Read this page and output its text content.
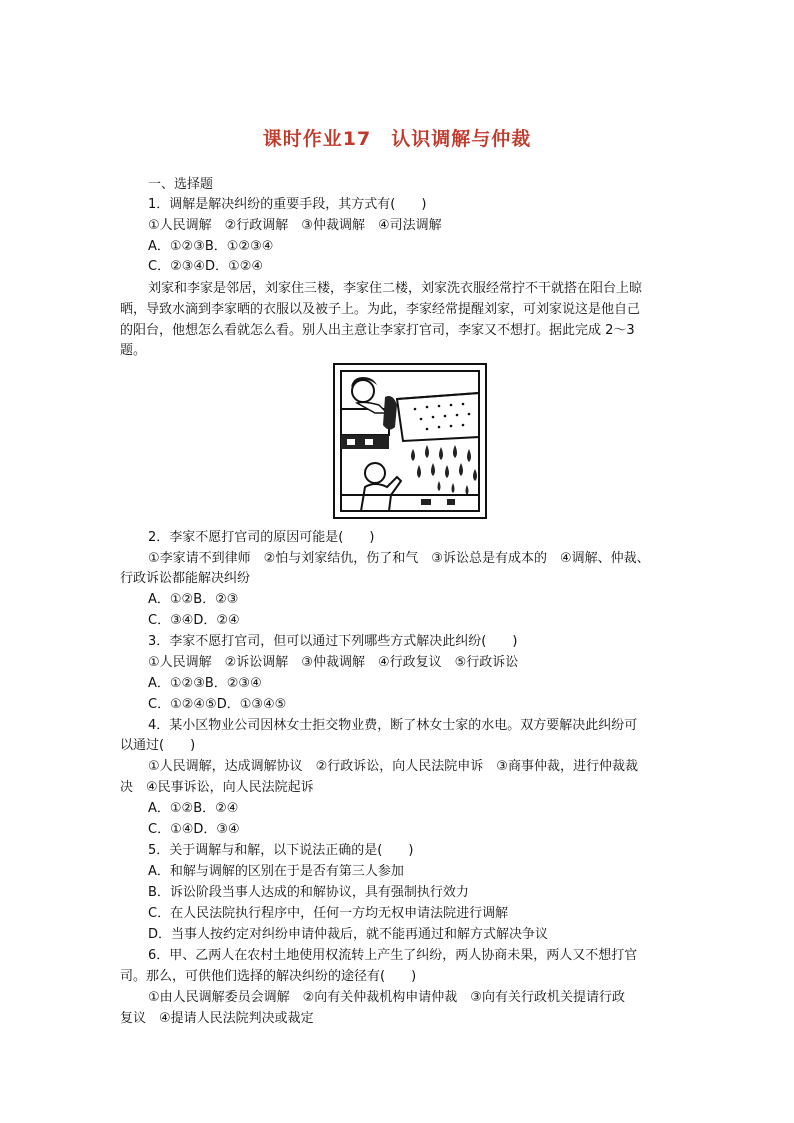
课时作业17　认识调解与仲裁
一、选择题
1．调解是解决纠纷的重要手段，其方式有(　　)
①人民调解　②行政调解　③仲裁调解　④司法调解
A．①②③B．①②③④
C．②③④D．①②④
刘家和李家是邻居，刘家住三楼，李家住二楼，刘家洗衣服经常拧不干就搭在阳台上晾
晒，导致水滴到李家晒的衣服以及被子上。为此，李家经常提醒刘家，可刘家说这是他自己
的阳台，他想怎么看就怎么看。别人出主意让李家打官司，李家又不想打。据此完成 2～3
题。
2．李家不愿打官司的原因可能是(　　)
①李家请不到律师　②怕与刘家结仇，伤了和气　③诉讼总是有成本的　④调解、仲裁、
行政诉讼都能解决纠纷
A．①②B．②③
C．③④D．②④
3．李家不愿打官司，但可以通过下列哪些方式解决此纠纷(　　)
①人民调解　②诉讼调解　③仲裁调解　④行政复议　⑤行政诉讼
A．①②③B．②③④
C．①②④⑤D．①③④⑤
4．某小区物业公司因林女士拒交物业费，断了林女士家的水电。双方要解决此纠纷可
以通过(　　)
①人民调解，达成调解协议　②行政诉讼，向人民法院申诉　③商事仲裁，进行仲裁裁
决　④民事诉讼，向人民法院起诉
A．①②B．②④
C．①④D．③④
5．关于调解与和解，以下说法正确的是(　　)
A．和解与调解的区别在于是否有第三人参加
B．诉讼阶段当事人达成的和解协议，具有强制执行效力
C．在人民法院执行程序中，任何一方均无权申请法院进行调解
D．当事人按约定对纠纷申请仲裁后，就不能再通过和解方式解决争议
6．甲、乙两人在农村土地使用权流转上产生了纠纷，两人协商未果，两人又不想打官
司。那么，可供他们选择的解决纠纷的途径有(　　)
①由人民调解委员会调解　②向有关仲裁机构申请仲裁　③向有关行政机关提请行政
复议　④提请人民法院判决或裁定
